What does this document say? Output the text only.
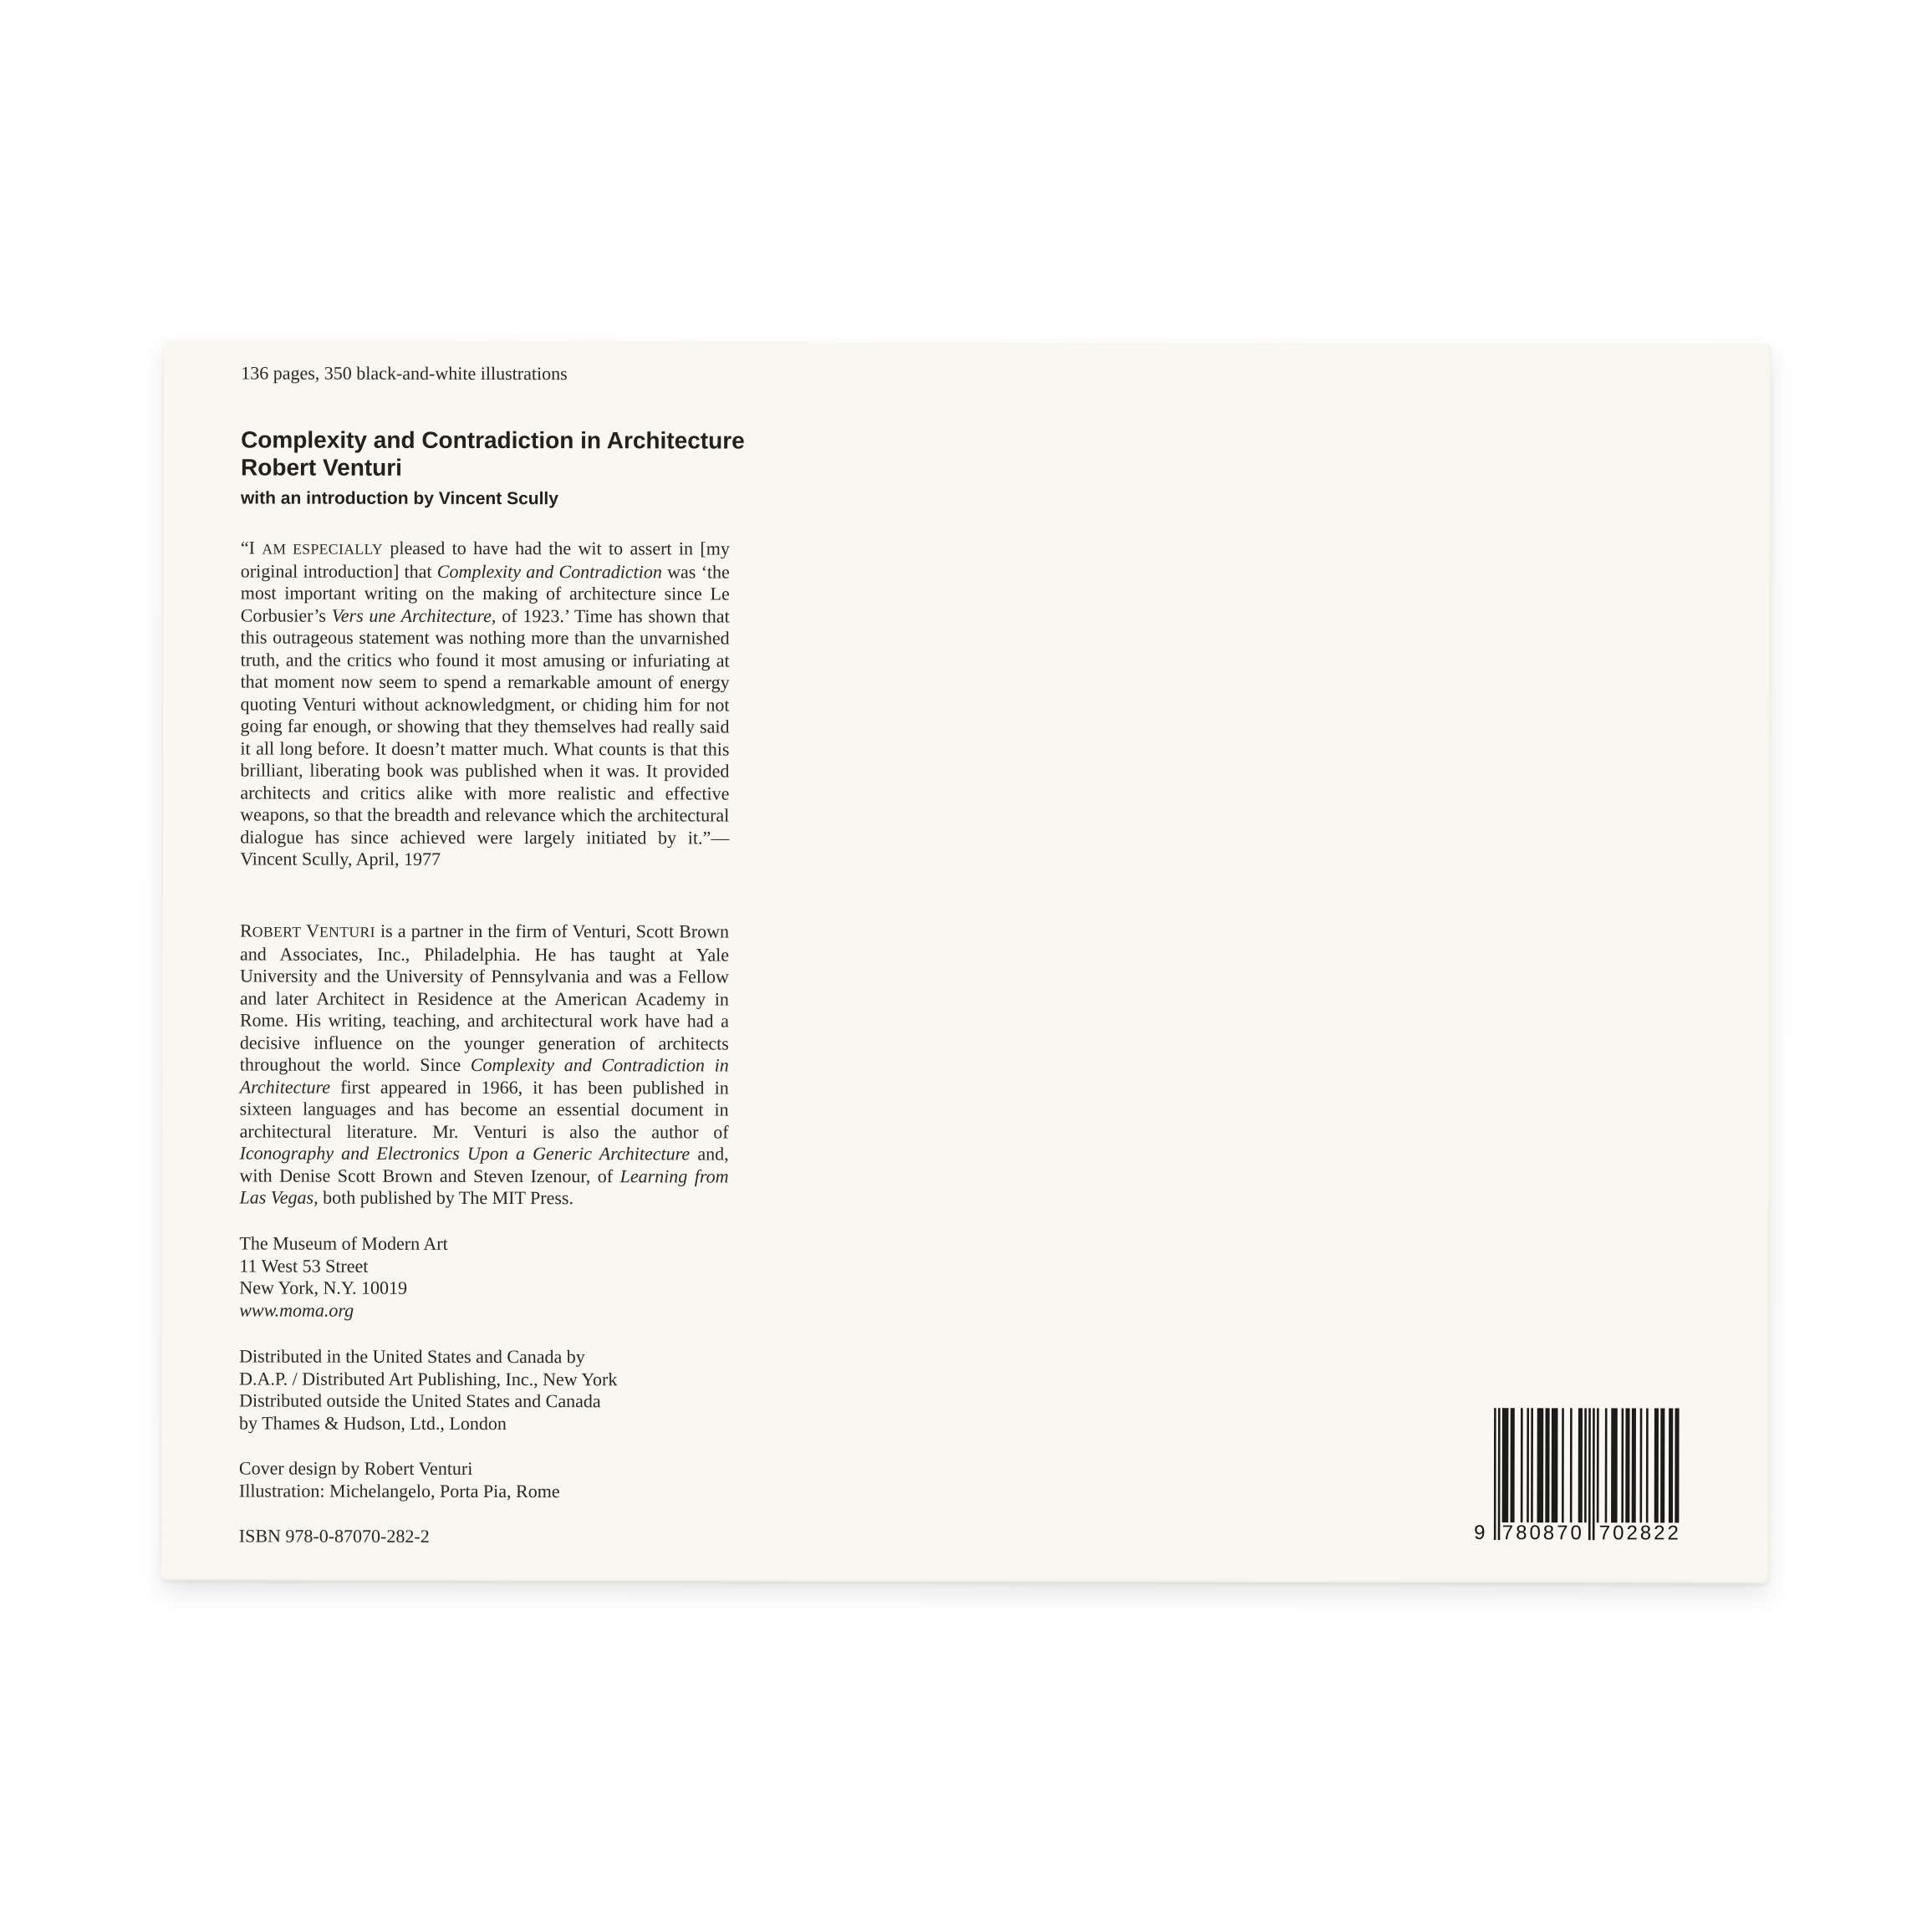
136 pages, 350 black-and-white illustrations
Complexity and Contradiction in Architecture
Robert Venturi
with an introduction by Vincent Scully
“I AM ESPECIALLY pleased to have had the wit to assert in [my original introduction] that Complexity and Contradiction was ‘the most important writing on the making of architecture since Le Corbusier’s Vers une Architecture, of 1923.’ Time has shown that this outrageous statement was nothing more than the unvarnished truth, and the critics who found it most amusing or infuriating at that moment now seem to spend a remarkable amount of energy quoting Venturi without acknowledgment, or chiding him for not going far enough, or showing that they themselves had really said it all long before. It doesn’t matter much. What counts is that this brilliant, liberating book was published when it was. It provided architects and critics alike with more realistic and effective weapons, so that the breadth and relevance which the architectural dialogue has since achieved were largely initiated by it.”—Vincent Scully, April, 1977
ROBERT VENTURI is a partner in the firm of Venturi, Scott Brown and Associates, Inc., Philadelphia. He has taught at Yale University and the University of Pennsylvania and was a Fellow and later Architect in Residence at the American Academy in Rome. His writing, teaching, and architectural work have had a decisive influence on the younger generation of architects throughout the world. Since Complexity and Contradiction in Architecture first appeared in 1966, it has been published in sixteen languages and has become an essential document in architectural literature. Mr. Venturi is also the author of Iconography and Electronics Upon a Generic Architecture and, with Denise Scott Brown and Steven Izenour, of Learning from Las Vegas, both published by The MIT Press.
The Museum of Modern Art
11 West 53 Street
New York, N.Y. 10019
www.moma.org
Distributed in the United States and Canada by
D.A.P. / Distributed Art Publishing, Inc., New York
Distributed outside the United States and Canada
by Thames & Hudson, Ltd., London
Cover design by Robert Venturi
Illustration: Michelangelo, Porta Pia, Rome
ISBN 978-0-87070-282-2	9 780870 702822
